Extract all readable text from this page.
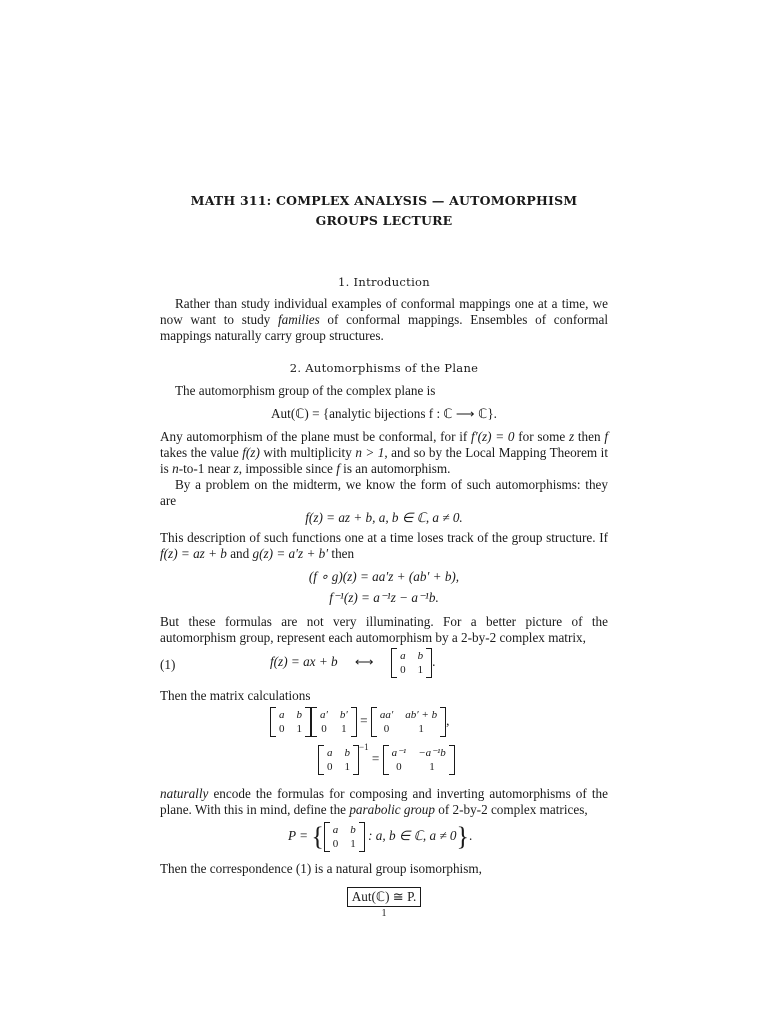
MATH 311: COMPLEX ANALYSIS — AUTOMORPHISM
GROUPS LECTURE
1. Introduction
Rather than study individual examples of conformal mappings one at a time, we now want to study families of conformal mappings. Ensembles of conformal mappings naturally carry group structures.
2. Automorphisms of the Plane
The automorphism group of the complex plane is
Aut(ℂ) = {analytic bijections f : ℂ ⟶ ℂ}.
Any automorphism of the plane must be conformal, for if f′(z) = 0 for some z then f takes the value f(z) with multiplicity n > 1, and so by the Local Mapping Theorem it is n-to-1 near z, impossible since f is an automorphism.
By a problem on the midterm, we know the form of such automorphisms: they are
f(z) = az + b, a, b ∈ ℂ, a ≠ 0.
This description of such functions one at a time loses track of the group structure. If f(z) = az + b and g(z) = a′z + b′ then
(f ∘ g)(z) = aa′z + (ab′ + b),
f⁻¹(z) = a⁻¹z − a⁻¹b.
But these formulas are not very illuminating. For a better picture of the automorphism group, represent each automorphism by a 2-by-2 complex matrix,
(1)	f(z) = ax + b ⟷ a b
0 1
.
Then the matrix calculations
a b
0 1
a′ b′
0 1
= aa′ ab′ + b
0	1
,
a b
0 1
$^{-1}$ = a⁻¹ −a⁻¹b
0	1
naturally encode the formulas for composing and inverting automorphisms of the plane. With this in mind, define the parabolic group of 2-by-2 complex matrices,
P = { a b
0 1
: a, b ∈ ℂ, a ≠ 0}.
Then the correspondence (1) is a natural group isomorphism,
Aut(ℂ) ≅ P.
1
